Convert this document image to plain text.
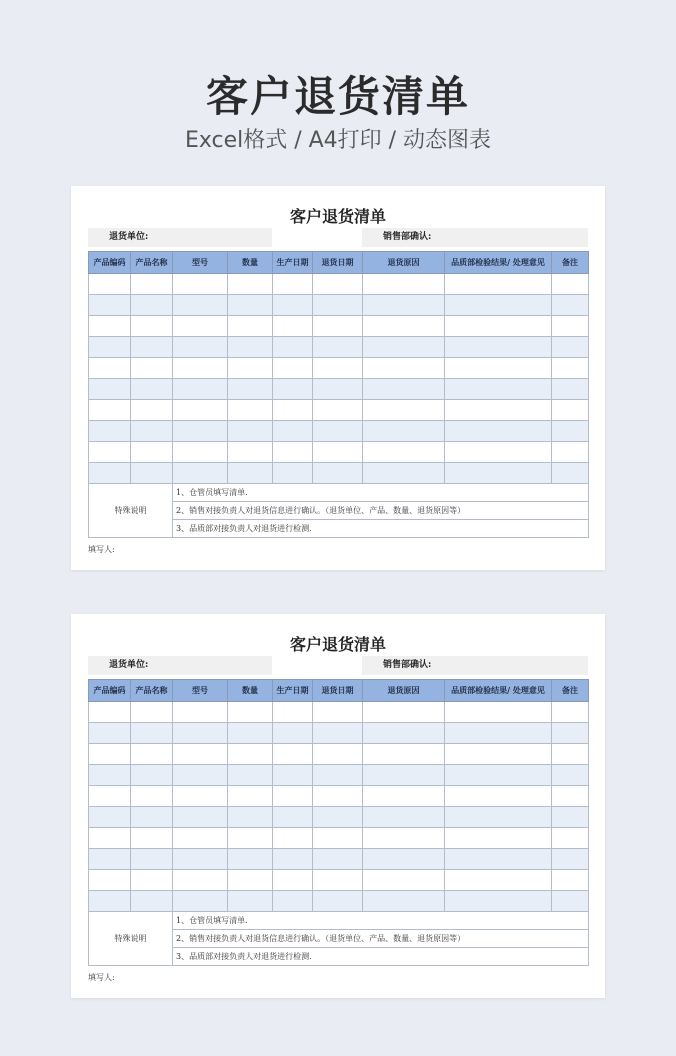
客户退货清单
Excel格式 / A4打印 / 动态图表
客户退货清单
退货单位:	销售部确认:
产品编码	产品名称	型号	数量	生产日期	退货日期	退货原因	品质部检验结果/ 处理意见	备注

特殊说明		1、仓管员填写清单.						
		2、销售对接负责人对退货信息进行确认。（退货单位、产品、数量、退货原因等）						
		3、品质部对接负责人对退货进行检测.						
填写人:
客户退货清单
退货单位:	销售部确认:
产品编码	产品名称	型号	数量	生产日期	退货日期	退货原因	品质部检验结果/ 处理意见	备注

特殊说明		1、仓管员填写清单.						
		2、销售对接负责人对退货信息进行确认。（退货单位、产品、数量、退货原因等）						
		3、品质部对接负责人对退货进行检测.						
填写人:
